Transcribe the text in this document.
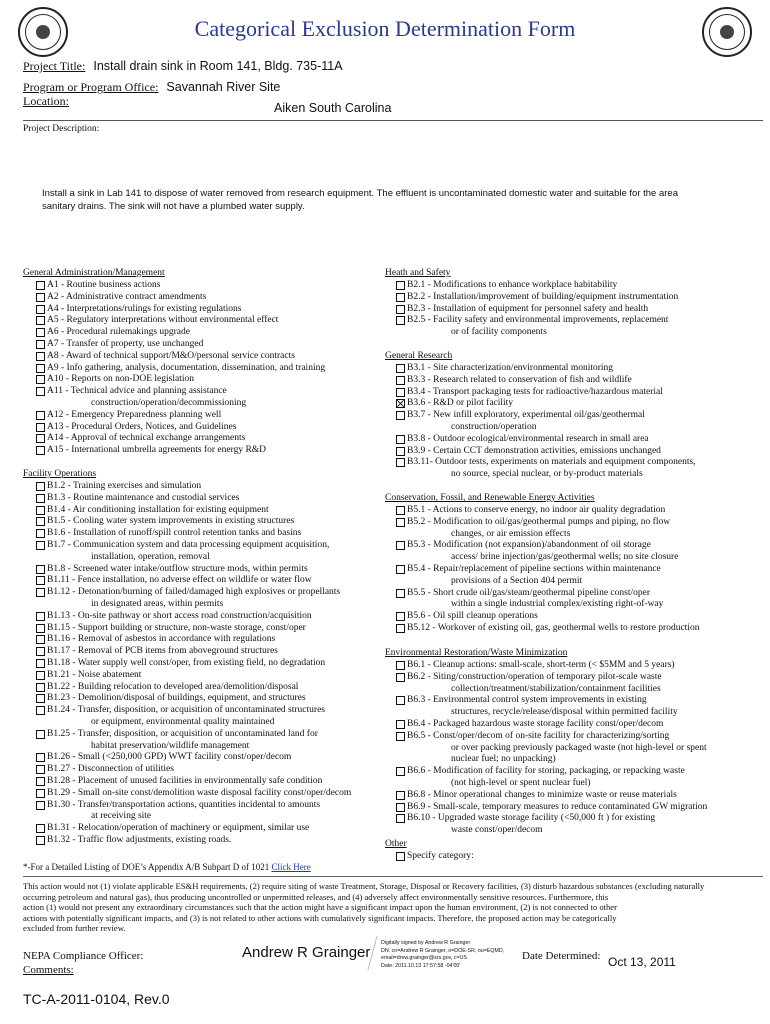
Categorical Exclusion Determination Form
Project Title: Install drain sink in Room 141, Bldg. 735-11A
Program or Program Office: Savannah River Site
Location:	Aiken South Carolina
Project Description:
Install a sink in Lab 141 to dispose of water removed from research equipment. The effluent is uncontaminated domestic water and suitable for the area
sanitary drains. The sink will not have a plumbed water supply.
General Administration/Management
A1 - Routine business actions
A2 - Administrative contract amendments
A4 - Interpretations/rulings for existing regulations
A5 - Regulatory interpretations without environmental effect
A6 - Procedural rulemakings upgrade
A7 - Transfer of property, use unchanged
A8 - Award of technical support/M&O/personal service contracts
A9 - Info gathering, analysis, documentation, dissemination, and training
A10 - Reports on non-DOE legislation
A11 - Technical advice and planning assistance
construction/operation/decommissioning
A12 - Emergency Preparedness planning well
A13 - Procedural Orders, Notices, and Guidelines
A14 - Approval of technical exchange arrangements
A15 - International umbrella agreements for energy R&D
Facility Operations
B1.2 - Training exercises and simulation
B1.3 - Routine maintenance and custodial services
B1.4 - Air conditioning installation for existing equipment
B1.5 - Cooling water system improvements in existing structures
B1.6 - Installation of runoff/spill control retention tanks and basins
B1.7 - Communication system and data processing equipment acquisition,
installation, operation, removal
B1.8 - Screened water intake/outflow structure mods, within permits
B1.11 - Fence installation, no adverse effect on wildlife or water flow
B1.12 - Detonation/burning of failed/damaged high explosives or propellants
in designated areas, within permits
B1.13 - On-site pathway or short access road construction/acquisition
B1.15 - Support building or structure, non-waste storage, const/oper
B1.16 - Removal of asbestos in accordance with regulations
B1.17 - Removal of PCB items from aboveground structures
B1.18 - Water supply well const/oper, from existing field, no degradation
B1.21 - Noise abatement
B1.22 - Building relocation to developed area/demolition/disposal
B1.23 - Demolition/disposal of buildings, equipment, and structures
B1.24 - Transfer, disposition, or acquisition of uncontaminated structures
or equipment, environmental quality maintained
B1.25 - Transfer, disposition, or acquisition of uncontaminated land for
habitat preservation/wildlife management
B1.26 - Small (<250,000 GPD) WWT facility const/oper/decom
B1.27 - Disconnection of utilities
B1.28 - Placement of unused facilities in environmentally safe condition
B1.29 - Small on-site const/demolition waste disposal facility const/oper/decom
B1.30 - Transfer/transportation actions, quantities incidental to amounts
at receiving site
B1.31 - Relocation/operation of machinery or equipment, similar use
B1.32 - Traffic flow adjustments, existing roads.
Heath and Safety
B2.1 - Modifications to enhance workplace habitability
B2.2 - Installation/improvement of building/equipment instrumentation
B2.3 - Installation of equipment for personnel safety and health
B2.5 - Facility safety and environmental improvements, replacement
or of facility components
General Research
B3.1 - Site characterization/environmental monitoring
B3.3 - Research related to conservation of fish and wildlife
B3.4 - Transport packaging tests for radioactive/hazardous material
B3.6 - R&D or pilot facility
B3.7 - New infill exploratory, experimental oil/gas/geothermal
construction/operation
B3.8 - Outdoor ecological/environmental research in small area
B3.9 - Certain CCT demonstration activities, emissions unchanged
B3.11- Outdoor tests, experiments on materials and equipment components,
no source, special nuclear, or by-product materials
Conservation, Fossil, and Renewable Energy Activities
B5.1 - Actions to conserve energy, no indoor air quality degradation
B5.2 - Modification to oil/gas/geothermal pumps and piping, no flow
changes, or air emission effects
B5.3 - Modification (not expansion)/abandonment of oil storage
access/ brine injection/gas/geothermal wells; no site closure
B5.4 - Repair/replacement of pipeline sections within maintenance
provisions of a Section 404 permit
B5.5 - Short crude oil/gas/steam/geothermal pipeline const/oper
within a single industrial complex/existing right-of-way
B5.6 - Oil spill cleanup operations
B5.12 - Workover of existing oil, gas, geothermal wells to restore production
Environmental Restoration/Waste Minimization
B6.1 - Cleanup actions: small-scale, short-term (< $5MM and 5 years)
B6.2 - Siting/construction/operation of temporary pilot-scale waste
collection/treatment/stabilization/containment facilities
B6.3 - Environmental control system improvements in existing
structures, recycle/release/disposal within permitted facility
B6.4 - Packaged hazardous waste storage facility const/oper/decom
B6.5 - Const/oper/decom of on-site facility for characterizing/sorting
or over packing previously packaged waste (not high-level or spent
nuclear fuel; no unpacking)
B6.6 - Modification of facility for storing, packaging, or repacking waste
(not high-level or spent nuclear fuel)
B6.8 - Minor operational changes to minimize waste or reuse materials
B6.9 - Small-scale, temporary measures to reduce contaminated GW migration
B6.10 - Upgraded waste storage facility (<50,000 ft ) for existing
waste const/oper/decom
Other
Specify category:
*-For a Detailed Listing of DOE’s Appendix A/B Subpart D of 1021 Click Here
This action would not (1) violate applicable ES&H requirements, (2) require siting of waste Treatment, Storage, Disposal or Recovery facilities, (3) disturb hazardous substances (excluding naturally
occurring petroleum and natural gas), thus producing uncontrolled or unpermitted releases, and (4) adversely affect environmentally sensitive resources. Furthermore, this
action (1) would not present any extraordinary circumstances such that the action might have a significant impact upon the human environment, (2) is not connected to other
actions with potentially significant impacts, and (3) is not related to other actions with cumulatively significant impacts. Therefore, the proposed action may be categorically
excluded from further review.
NEPA Compliance Officer:
Comments:
Andrew R Grainger
Digitally signed by Andrew R Grainger
DN: cn=Andrew R Grainger, o=DOE-SR, ou=EQMD,
email=drew.grainger@srs.gov, c=US
Date: 2011.10.13 17:57:58 -04'00'
Date Determined: Oct 13, 2011
TC-A-2011-0104, Rev.0
